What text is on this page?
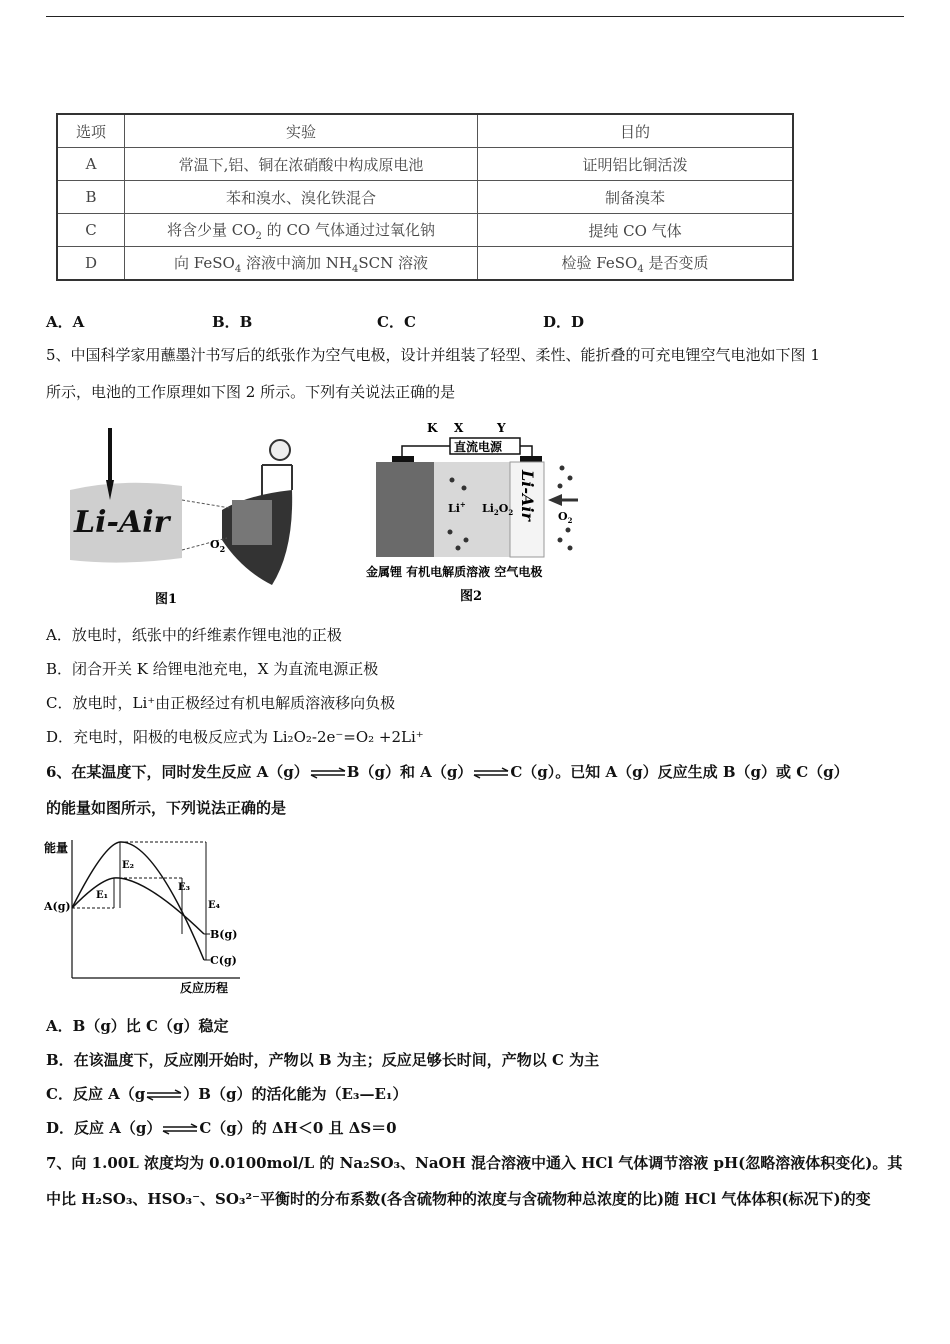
选项	实验	目的
A	常温下,铝、铜在浓硝酸中构成原电池	证明铝比铜活泼
B	苯和溴水、溴化铁混合	制备溴苯
C	将含少量 $CO_2$ 的 CO 气体通过过氧化钠	提纯 CO 气体
D	向 FeSO$_4$ 溶液中滴加 $NH_4SCN$ 溶液	检验 FeSO$_4$ 是否变质
A．A	B．B	C．C	D．D
5、中国科学家用蘸墨汁书写后的纸张作为空气电极，设计并组装了轻型、柔性、能折叠的可充电锂空气电池如下图 1
所示，电池的工作原理如下图 2 所示。下列有关说法正确的是
Li-Air
$O_2$
图1
K X	Y
直流电源
Li+ $Li_2O_2$ Li-Air $O_2$
金属锂 有机电解质溶液 空气电极
图2
A．放电时，纸张中的纤维素作锂电池的正极
B．闭合开关 K 给锂电池充电，X 为直流电源正极
C．放电时，Li⁺由正极经过有机电解质溶液移向负极
D．充电时，阳极的电极反应式为 Li₂O₂-2e⁻=O₂ +2Li⁺
6、在某温度下，同时发生反应 A（g）⇌B（g）和 A（g）⇌C（g）。已知 A（g）反应生成 B（g）或 C（g）
的能量如图所示，下列说法正确的是
能量
反应历程
A(g)
B(g)
C(g)
E₁
E₂
E₃
E₄
A．B（g）比 C（g）稳定
B．在该温度下，反应刚开始时，产物以 B 为主；反应足够长时间，产物以 C 为主
C．反应 A（g⇌）B（g）的活化能为（E₃—E₁）
D．反应 A（g）⇌C（g）的 ΔH＜0 且 ΔS＝0
7、向 1.00L 浓度均为 0.0100mol/L 的 Na₂SO₃、NaOH 混合溶液中通入 HCl 气体调节溶液 pH(忽略溶液体积变化)。其
中比 H₂SO₃、HSO₃⁻、SO₃²⁻平衡时的分布系数(各含硫物种的浓度与含硫物种总浓度的比)随 HCl 气体体积(标况下)的变
